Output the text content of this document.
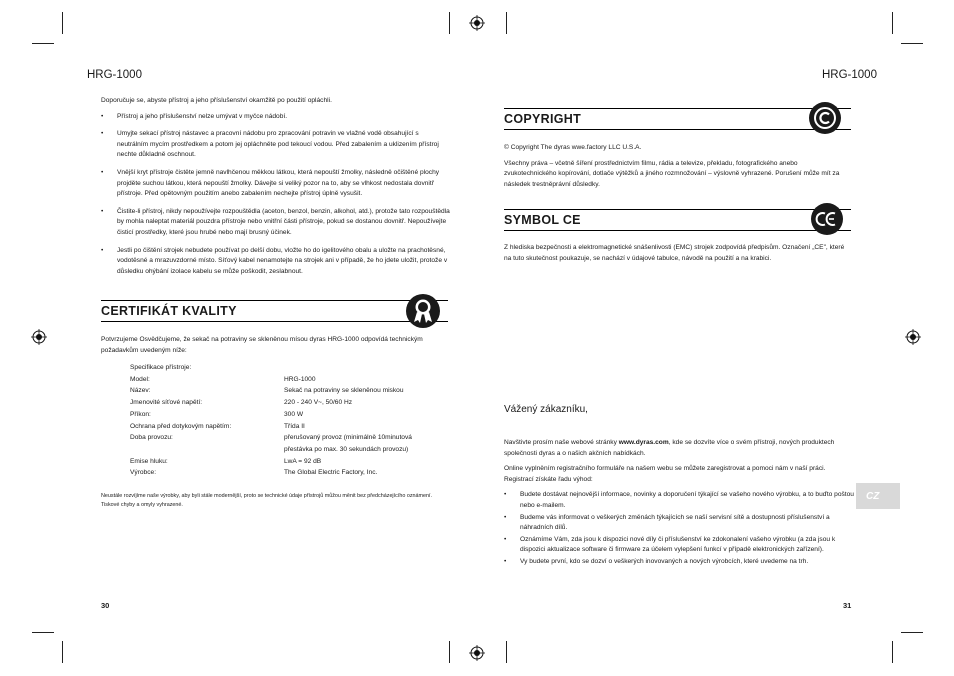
HRG-1000
Doporučuje se, abyste přístroj a jeho příslušenství okamžitě po použití opláchli.
• Přístroj a jeho příslušenství nelze umývat v myčce nádobí.
• Umyjte sekací přístroj nástavec a pracovní nádobu pro zpracování potravin ve vlažné vodě obsahující s neutrálním mycím prostředkem a potom jej opláchněte pod tekoucí vodou. Před zabalením a uklizením přístroj nechte důkladně oschnout.
• Vnější kryt přístroje čistěte jemně navlhčenou měkkou látkou, která nepouští žmolky, následně očištěné plochy projděte suchou látkou, která nepouští žmolky. Dávejte si veliký pozor na to, aby se vlhkost nedostala dovnitř přístroje. Před opětovným použitím anebo zabalením nechejte přístroj úplně vysušit.
• Čistite-li přístroj, nikdy nepoužívejte rozpouštědla (aceton, benzol, benzin, alkohol, atd.), protože tato rozpouštědla by mohla naleptat materiál pouzdra přístroje nebo vnitřní části přístroje, pokud se dostanou dovnitř. Nepoužívejte čisticí prostředky, které jsou hrubé nebo mají brusný účinek.
• Jestli po čištění strojek nebudete používat po delší dobu, vložte ho do igelitového obalu a uložte na prachotěsné, vodotěsné a mrazuvzdorné místo. Síťový kabel nenamotejte na strojek ani v případě, že ho jdete uložit, protože v důsledku ohýbání izolace kabelu se může poškodit, zeslabnout.
CERTIFIKÁT KVALITY
Potvrzujeme Osvědčujeme, že sekač na potraviny se skleněnou mísou dyras HRG-1000 odpovídá technickým požadavkům uvedeným níže:
Specifikace přístroje:
Model:	HRG-1000
Název:	Sekač na potraviny se skleněnou miskou
Jmenovité síťové napětí:	220 - 240 V~, 50/60 Hz
Příkon:	300 W
Ochrana před dotykovým napětím:	Třída II
Doba provozu:	přerušovaný provoz (minimálně 10minutová přestávka po max. 30 sekundách provozu)
Emise hluku:	LwA = 92 dB
Výrobce:	The Global Electric Factory, Inc.
Neustále rozvíjíme naše výrobky, aby byli stále modernější, proto se technické údaje přístrojů můžou měnit bez předcházejícího oznámení. Tiskové chyby a omyly vyhrazené.
30
HRG-1000
COPYRIGHT
© Copyright The dyras wwe.factory LLC U.S.A.
Všechny práva – včetně šíření prostřednictvím filmu, rádia a televize, překladu, fotografického anebo zvukotechnického kopírování, dotlače výtěžků a jiného rozmnožování – výslovně vyhrazené. Porušení může mít za následek trestněprávní důsledky.
SYMBOL CE
Z hlediska bezpečnosti a elektromagnetické snášenlivosti (EMC) strojek zodpovídá předpisům. Označení „CE", které na tuto skutečnost poukazuje, se nachází v údajové tabulce, návodě na použití a na krabici.
Vážený zákazníku,
Navštivte prosím naše webové stránky www.dyras.com, kde se dozvíte více o svém přístroji, nových produktech společnosti dyras a o našich akčních nabídkách.
Online vyplněním registračního formuláře na našem webu se můžete zaregistrovat a pomoci nám v naší práci. Registrací získáte řadu výhod:
• Budete dostávat nejnovější informace, novinky a doporučení týkající se vašeho nového výrobku, a to buďto poštou nebo e-mailem.
• Budeme vás informovat o veškerých změnách týkajících se naší servisní sítě a dostupnosti příslušenství a náhradních dílů.
• Oznámíme Vám, zda jsou k dispozici nové díly či příslušenství ke zdokonalení vašeho výrobku (a zda jsou k dispozici aktualizace software či firmware za účelem vylepšení funkcí v případě elektronických zařízení).
• Vy budete první, kdo se dozví o veškerých inovovaných a nových výrobcích, které uvedeme na trh.
CZ
31
